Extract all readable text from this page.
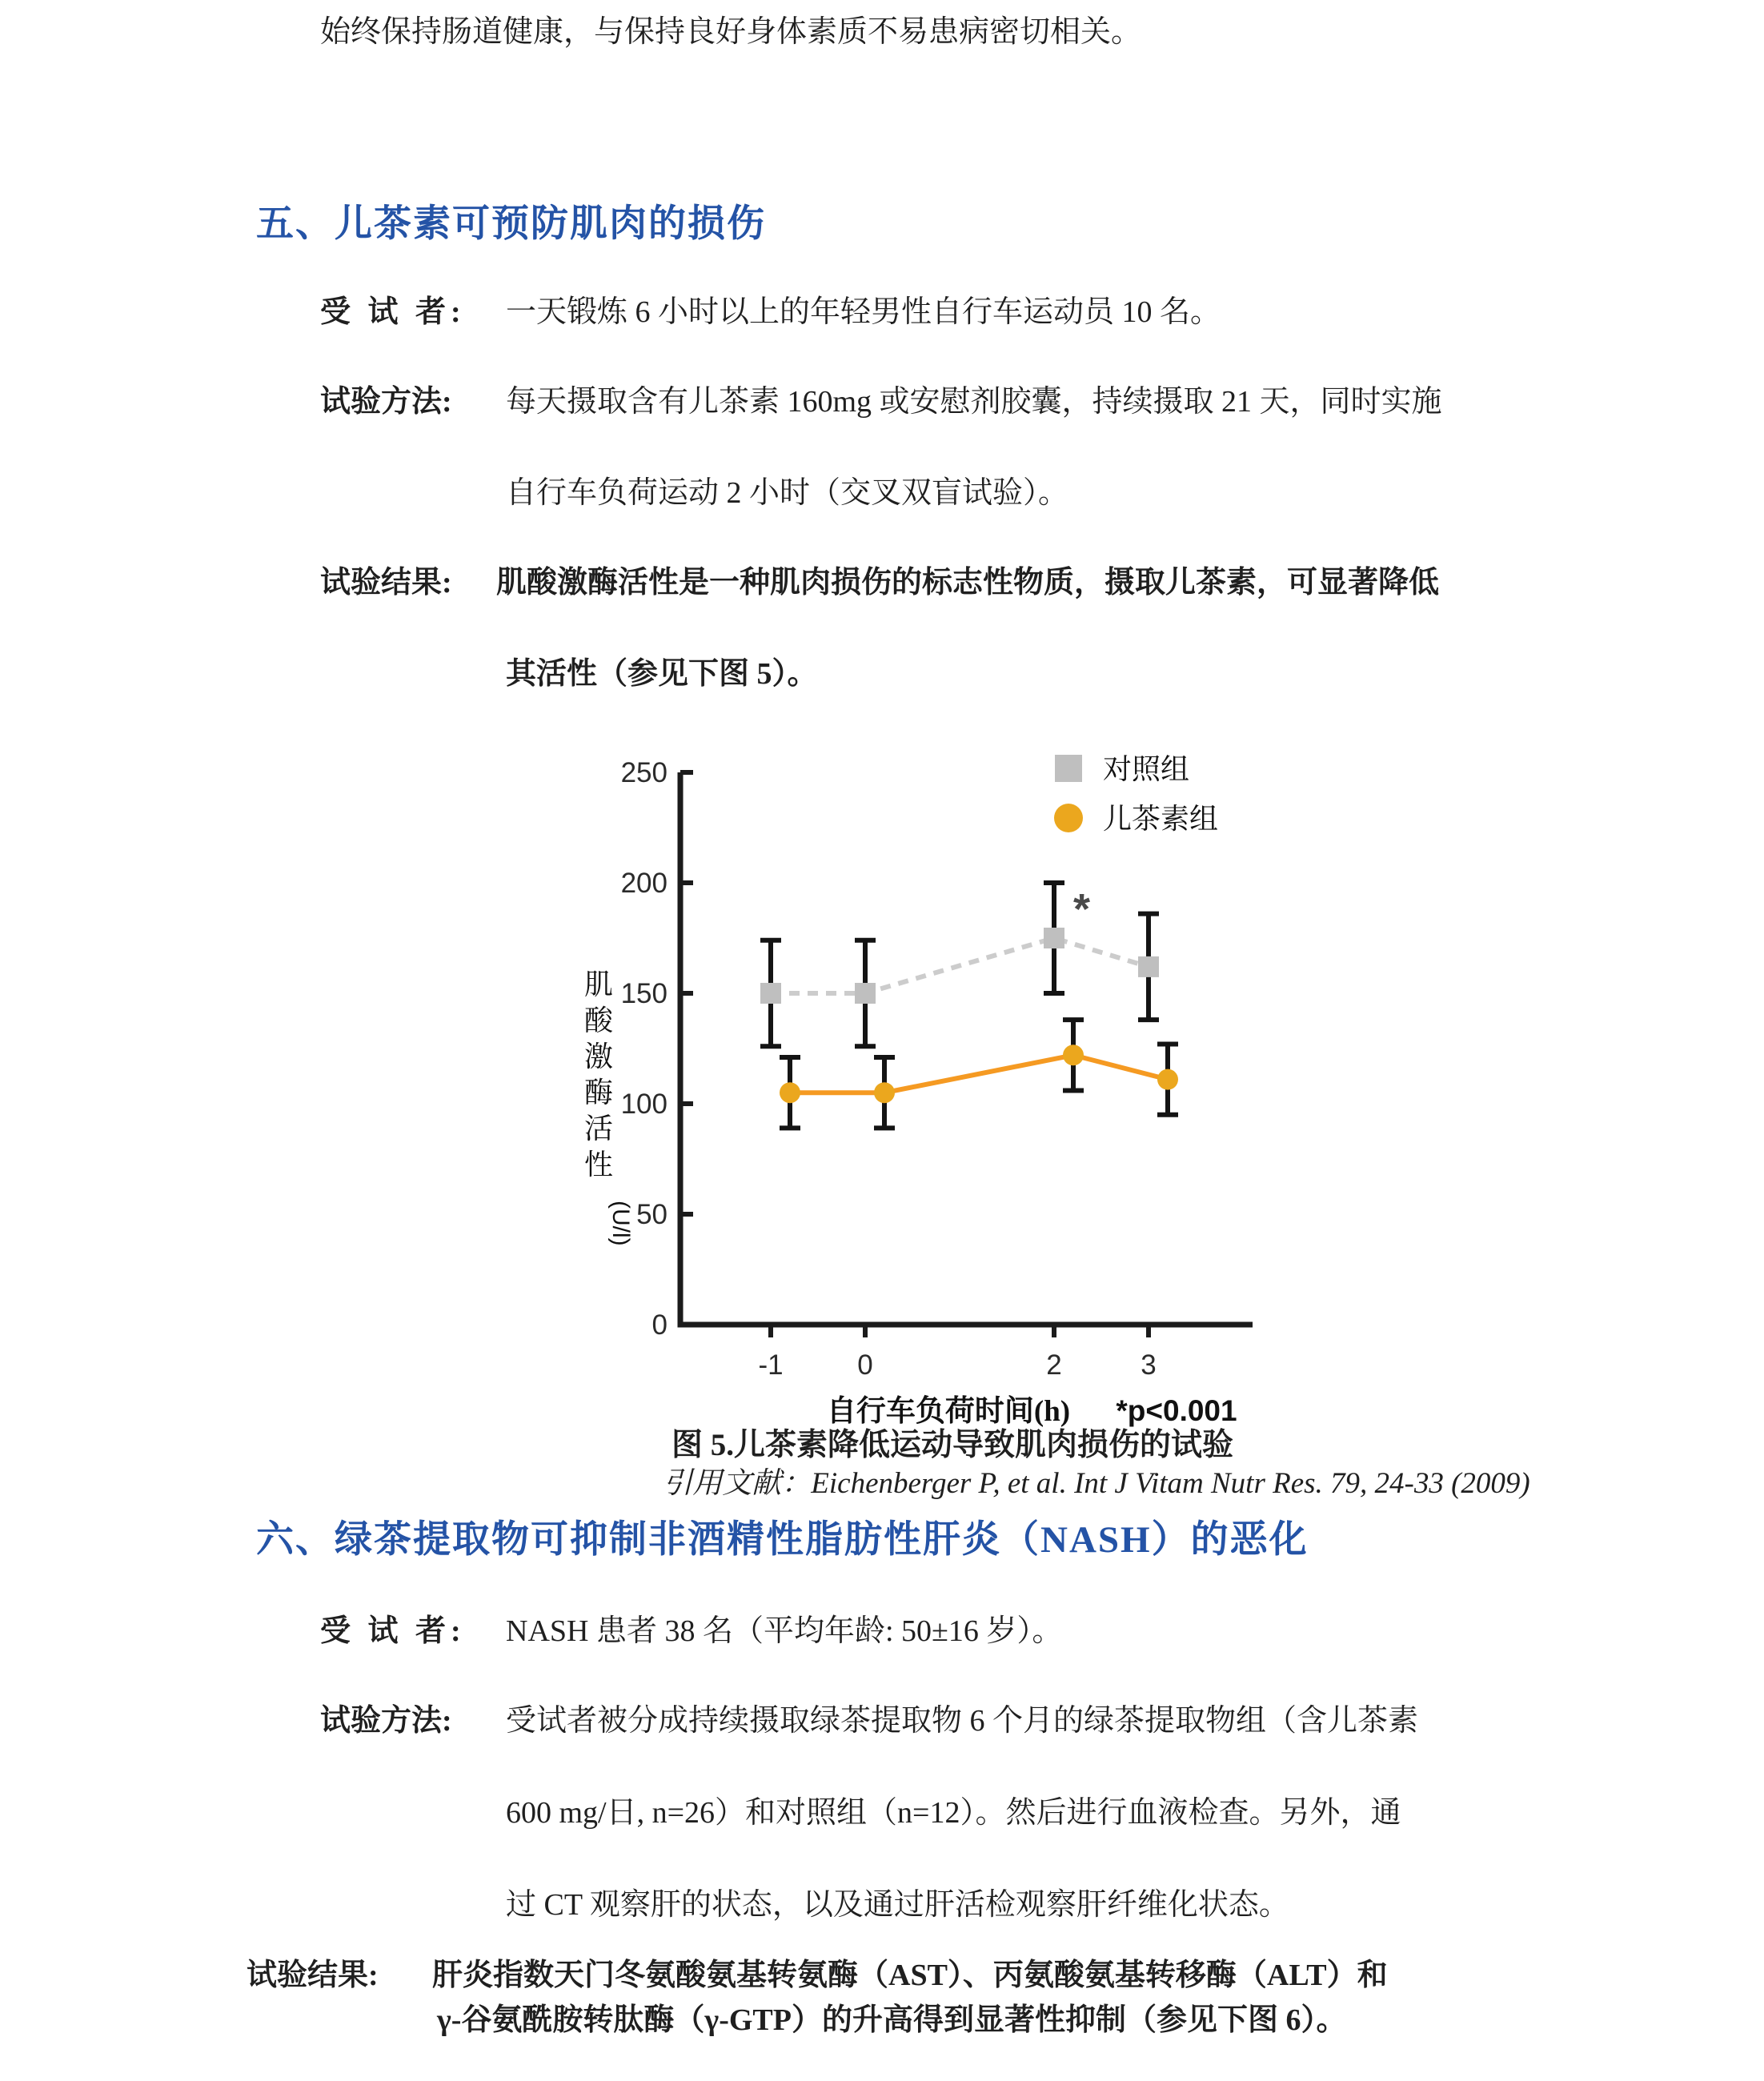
始终保持肠道健康，与保持良好身体素质不易患病密切相关。
五、儿茶素可预防肌肉的损伤
受 试 者: 一天锻炼 6 小时以上的年轻男性自行车运动员 10 名。
试验方法: 每天摄取含有儿茶素 160mg 或安慰剂胶囊，持续摄取 21 天，同时实施
自行车负荷运动 2 小时（交叉双盲试验）。
试验结果: 肌酸激酶活性是一种肌肉损伤的标志性物质，摄取儿茶素，可显著降低
其活性（参见下图 5）。
0
50
100
150
200
250
-1	0	2	3
肌
酸
激
酶
活
性
(U/l)
*
对照组
儿茶素组
自行车负荷时间(h) *p<0.001
图 5.儿茶素降低运动导致肌肉损伤的试验
引用文献：Eichenberger P, et al. Int J Vitam Nutr Res. 79, 24-33 (2009)
六、绿茶提取物可抑制非酒精性脂肪性肝炎（NASH）的恶化
受 试 者: NASH 患者 38 名（平均年龄: 50±16 岁）。
试验方法: 受试者被分成持续摄取绿茶提取物 6 个月的绿茶提取物组（含儿茶素
600 mg/日, n=26）和对照组（n=12）。然后进行血液检查。另外，通
过 CT 观察肝的状态，以及通过肝活检观察肝纤维化状态。
试验结果: 肝炎指数天门冬氨酸氨基转氨酶（AST）、丙氨酸氨基转移酶（ALT）和
γ-谷氨酰胺转肽酶（γ-GTP）的升高得到显著性抑制（参见下图 6）。
